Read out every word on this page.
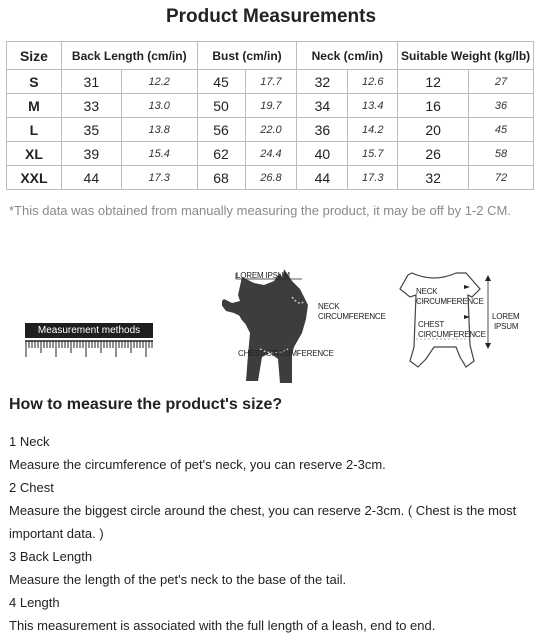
Product Measurements
Size	Back Length (cm/in)		Bust (cm/in)		Neck (cm/in)		Suitable Weight (kg/lb)	
S	31	12.2	45	17.7	32	12.6	12	27
M	33	13.0	50	19.7	34	13.4	16	36
L	35	13.8	56	22.0	36	14.2	20	45
XL	39	15.4	62	24.4	40	15.7	26	58
XXL	44	17.3	68	26.8	44	17.3	32	72
*This data was obtained from manually measuring the product, it may be off by 1-2 CM.
Measurement methods
LOREM IPSUM
NECK
CIRCUMFERENCE
CHEST CIRCUMFERENCE
NECK
CIRCUMFERENCE
CHEST
CIRCUMFERENCE
LOREM
IPSUM
How to measure the product's size?

1 Neck

Measure the circumference of pet's neck, you can reserve 2-3cm.

2 Chest

Measure the biggest circle around the chest, you can reserve 2-3cm. ( Chest is the most important data. )

3 Back Length

Measure the length of the pet's neck to the base of the tail.

4 Length

This measurement is associated with the full length of a leash, end to end.
